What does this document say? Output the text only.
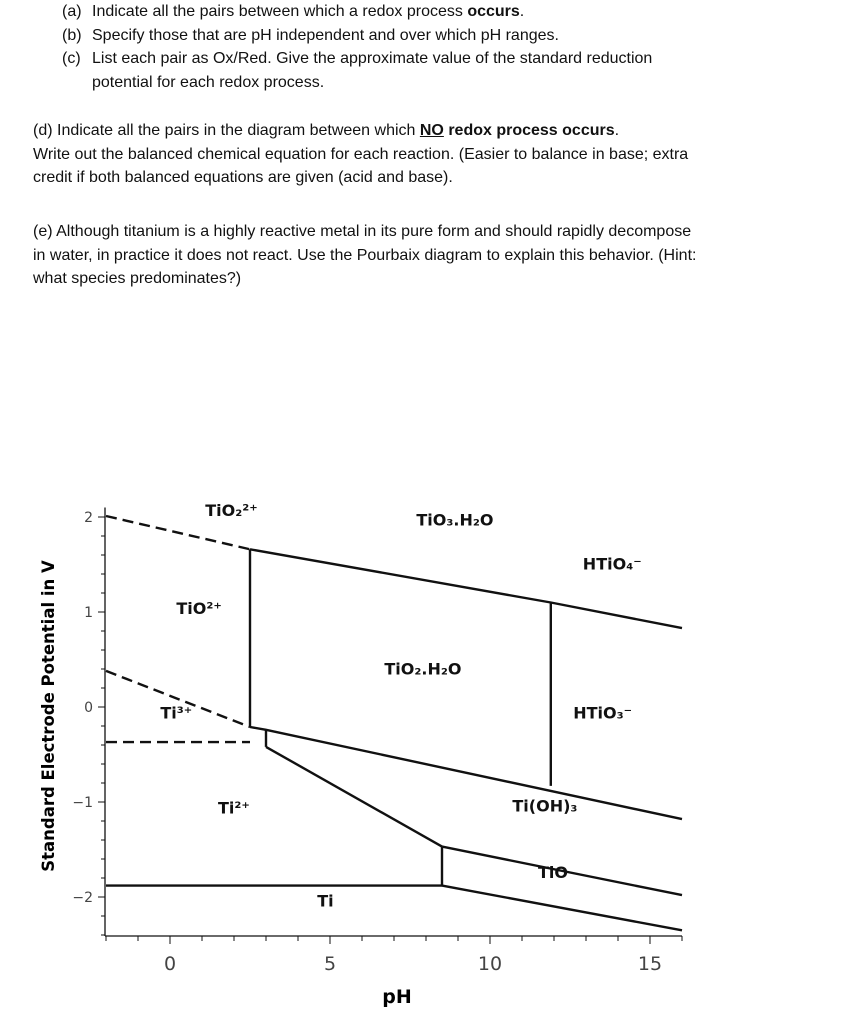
(a) Indicate all the pairs between which a redox process occurs.
(b) Specify those that are pH independent and over which pH ranges.
(c) List each pair as Ox/Red. Give the approximate value of the standard reduction
potential for each redox process.
(d) Indicate all the pairs in the diagram between which NO redox process occurs.
Write out the balanced chemical equation for each reaction. (Easier to balance in base; extra
credit if both balanced equations are given (acid and base).
(e) Although titanium is a highly reactive metal in its pure form and should rapidly decompose
in water, in practice it does not react. Use the Pourbaix diagram to explain this behavior. (Hint:
what species predominates?)
2
1
0
−1
−2
0	5	10	15
TiO₂²⁺	TiO₃.H₂O
HTiO₄⁻
TiO²⁺
TiO₂.H₂O
Ti³⁺	HTiO₃⁻
Ti²⁺	Ti(OH)₃
TiO
Ti
Standard Electrode Potential in V
pH
